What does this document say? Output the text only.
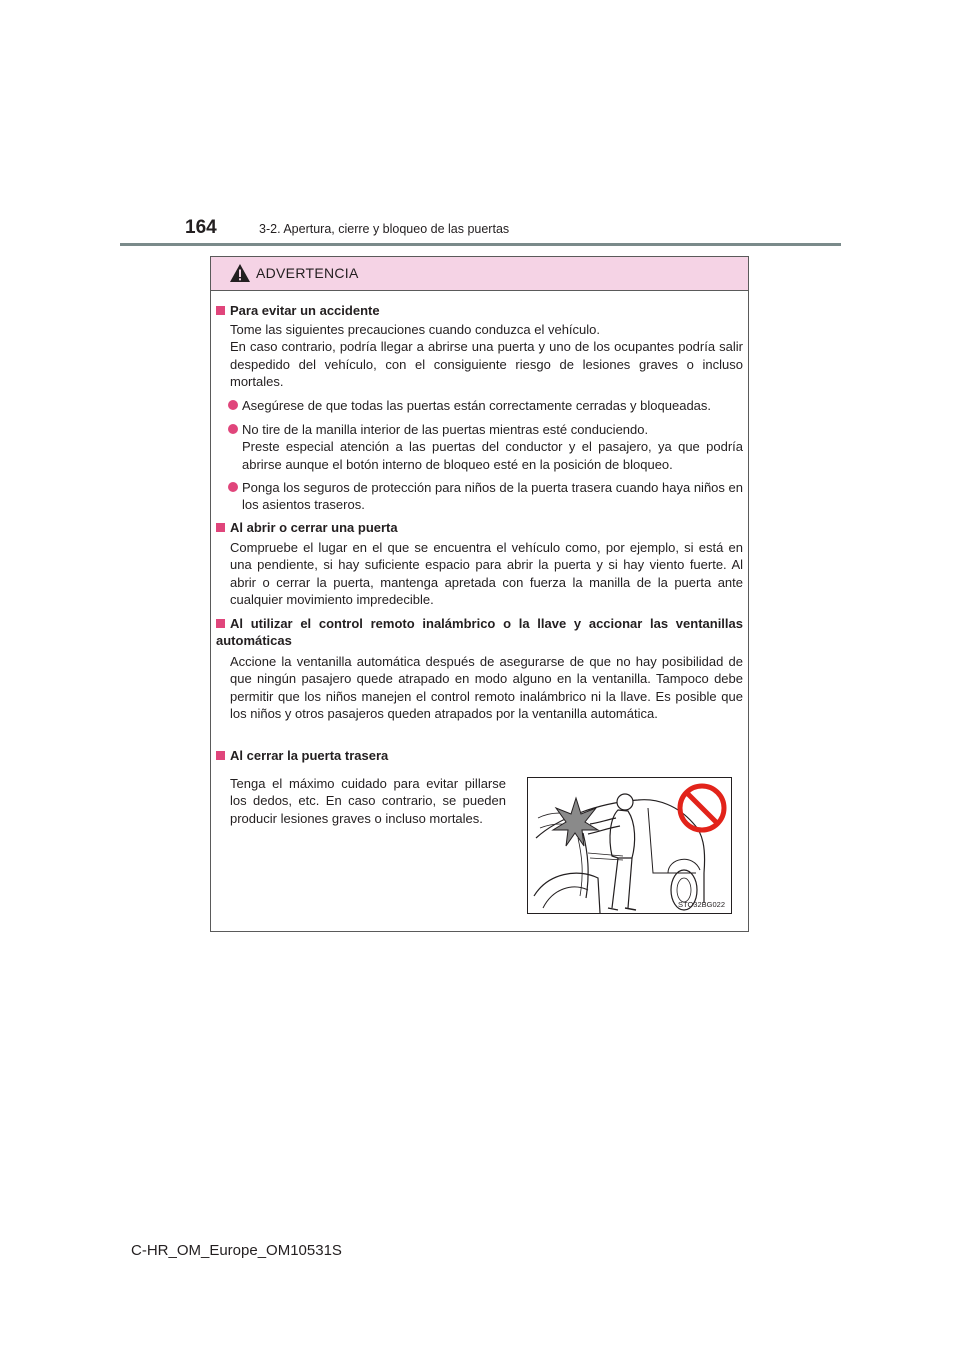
164	3-2. Apertura, cierre y bloqueo de las puertas
ADVERTENCIA
Para evitar un accidente

Tome las siguientes precauciones cuando conduzca el vehículo.

En caso contrario, podría llegar a abrirse una puerta y uno de los ocupantes podría salir despedido del vehículo, con el consiguiente riesgo de lesiones graves o incluso mortales.

Asegúrese de que todas las puertas están correctamente cerradas y bloqueadas.

No tire de la manilla interior de las puertas mientras esté conduciendo.

Preste especial atención a las puertas del conductor y el pasajero, ya que podría abrirse aunque el botón interno de bloqueo esté en la posición de bloqueo.

Ponga los seguros de protección para niños de la puerta trasera cuando haya niños en los asientos traseros.

Al abrir o cerrar una puerta

Compruebe el lugar en el que se encuentra el vehículo como, por ejemplo, si está en una pendiente, si hay suficiente espacio para abrir la puerta y si hay viento fuerte. Al abrir o cerrar la puerta, mantenga apretada con fuerza la manilla de la puerta ante cualquier movimiento impredecible.

Al utilizar el control remoto inalámbrico o la llave y accionar las ventanillas automáticas

Accione la ventanilla automática después de asegurarse de que no hay posibilidad de que ningún pasajero quede atrapado en modo alguno en la ventanilla. Tampoco debe permitir que los niños manejen el control remoto inalámbrico ni la llave. Es posible que los niños y otros pasajeros queden atrapados por la ventanilla automática.

Al cerrar la puerta trasera

Tenga el máximo cuidado para evitar pillarse los dedos, etc. En caso contrario, se pueden producir lesiones graves o incluso mortales.

STO32BG022
C-HR_OM_Europe_OM10531S
